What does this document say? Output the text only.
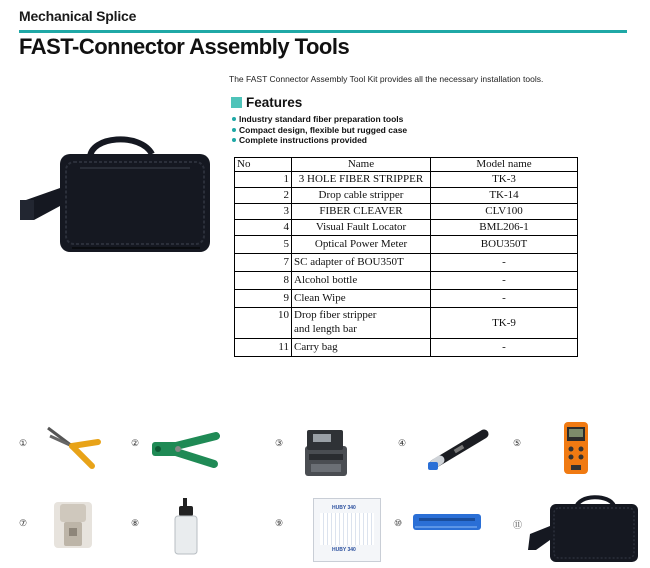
Mechanical Splice
FAST-Connector Assembly Tools
The FAST Connector Assembly Tool Kit provides all the necessary installation tools.
Features
Industry standard fiber preparation tools
Compact design, flexible but rugged case
Complete instructions provided
No	Name	Model name
1	3 HOLE FIBER STRIPPER	TK-3
2	Drop cable stripper	TK-14
3	FIBER CLEAVER	CLV100
4	Visual Fault Locator	BML206-1
5	Optical Power Meter	BOU350T
7	SC adapter of BOU350T	-
8	Alcohol bottle	-
9	Clean Wipe	-
10	Drop fiber stripper
and length bar	TK-9
11	Carry bag	-
①	②	③	④	⑤
⑦	⑧	⑨
HUBY 340
HUBY 340
⑩	⑪
